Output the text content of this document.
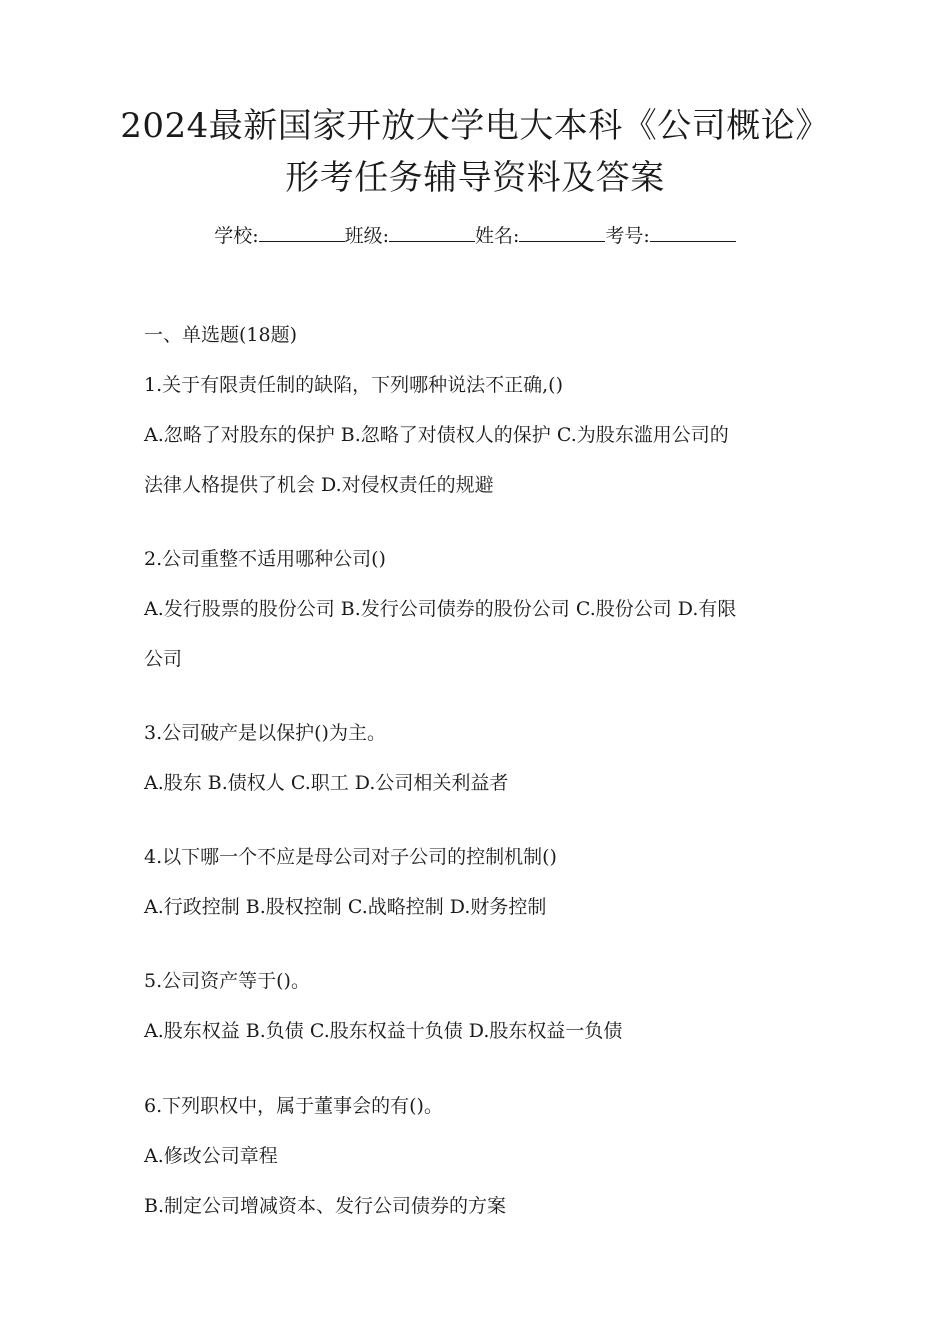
2024最新国家开放大学电大本科《公司概论》
形考任务辅导资料及答案
学校:	班级:	姓名:	考号:
一、单选题(18题)
1.关于有限责任制的缺陷，下列哪种说法不正确,()
A.忽略了对股东的保护 B.忽略了对债权人的保护 C.为股东滥用公司的
法律人格提供了机会 D.对侵权责任的规避
2.公司重整不适用哪种公司()
A.发行股票的股份公司 B.发行公司债券的股份公司 C.股份公司 D.有限
公司
3.公司破产是以保护()为主。
A.股东 B.债权人 C.职工 D.公司相关利益者
4.以下哪一个不应是母公司对子公司的控制机制()
A.行政控制 B.股权控制 C.战略控制 D.财务控制
5.公司资产等于()。
A.股东权益 B.负债 C.股东权益十负债 D.股东权益一负债
6.下列职权中，属于董事会的有()。
A.修改公司章程
B.制定公司增减资本、发行公司债券的方案
